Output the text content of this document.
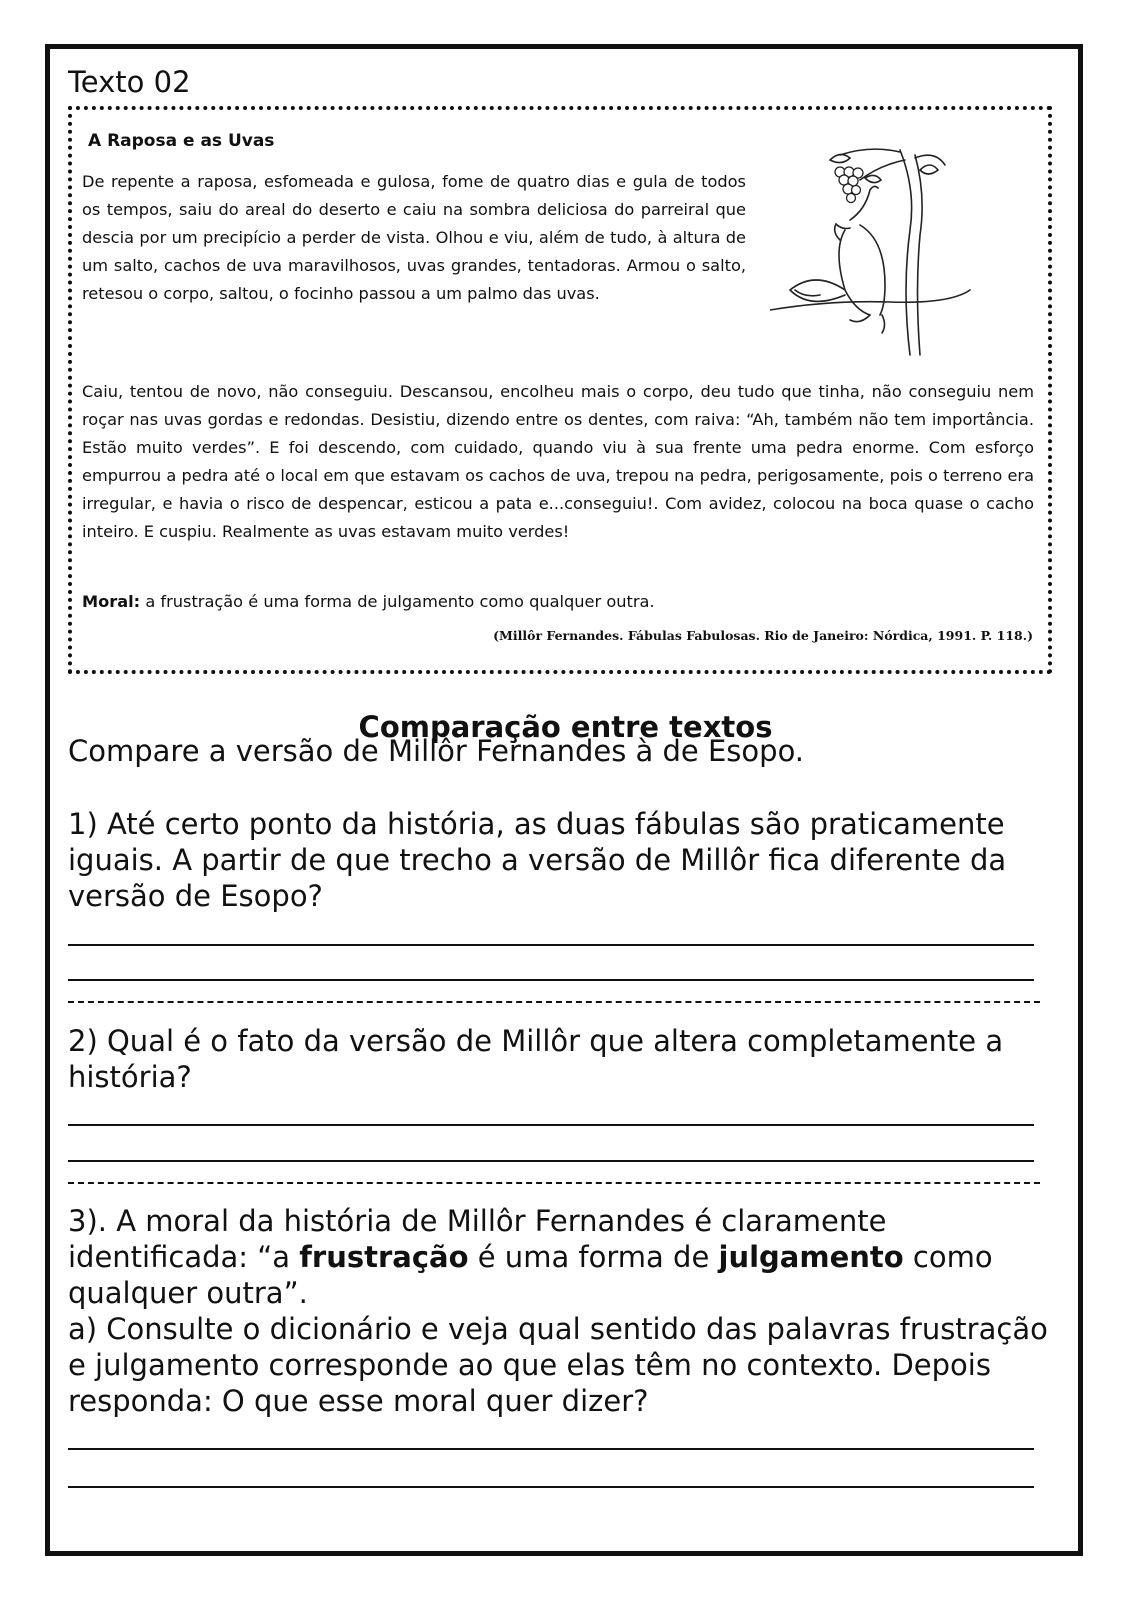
Texto 02
A Raposa e as Uvas

De repente a raposa, esfomeada e gulosa, fome de quatro dias e gula de todos os tempos, saiu do areal do deserto e caiu na sombra deliciosa do parreiral que descia por um precipício a perder de vista. Olhou e viu, além de tudo, à altura de um salto, cachos de uva maravilhosos, uvas grandes, tentadoras. Armou o salto, retesou o corpo, saltou, o focinho passou a um palmo das uvas.

Caiu, tentou de novo, não conseguiu. Descansou, encolheu mais o corpo, deu tudo que tinha, não conseguiu nem roçar nas uvas gordas e redondas. Desistiu, dizendo entre os dentes, com raiva: “Ah, também não tem importância. Estão muito verdes”. E foi descendo, com cuidado, quando viu à sua frente uma pedra enorme. Com esforço empurrou a pedra até o local em que estavam os cachos de uva, trepou na pedra, perigosamente, pois o terreno era irregular, e havia o risco de despencar, esticou a pata e...conseguiu!. Com avidez, colocou na boca quase o cacho inteiro. E cuspiu. Realmente as uvas estavam muito verdes!

Moral: a frustração é uma forma de julgamento como qualquer outra.

(Millôr Fernandes. Fábulas Fabulosas. Rio de Janeiro: Nórdica, 1991. P. 118.)
Comparação entre textos

Compare a versão de Millôr Fernandes à de Esopo.

1) Até certo ponto da história, as duas fábulas são praticamente iguais. A partir de que trecho a versão de Millôr fica diferente da versão de Esopo?

2) Qual é o fato da versão de Millôr que altera completamente a história?

3). A moral da história de Millôr Fernandes é claramente identificada: “a frustração é uma forma de julgamento como qualquer outra”.
a) Consulte o dicionário e veja qual sentido das palavras frustração e julgamento corresponde ao que elas têm no contexto. Depois responda: O que esse moral quer dizer?
